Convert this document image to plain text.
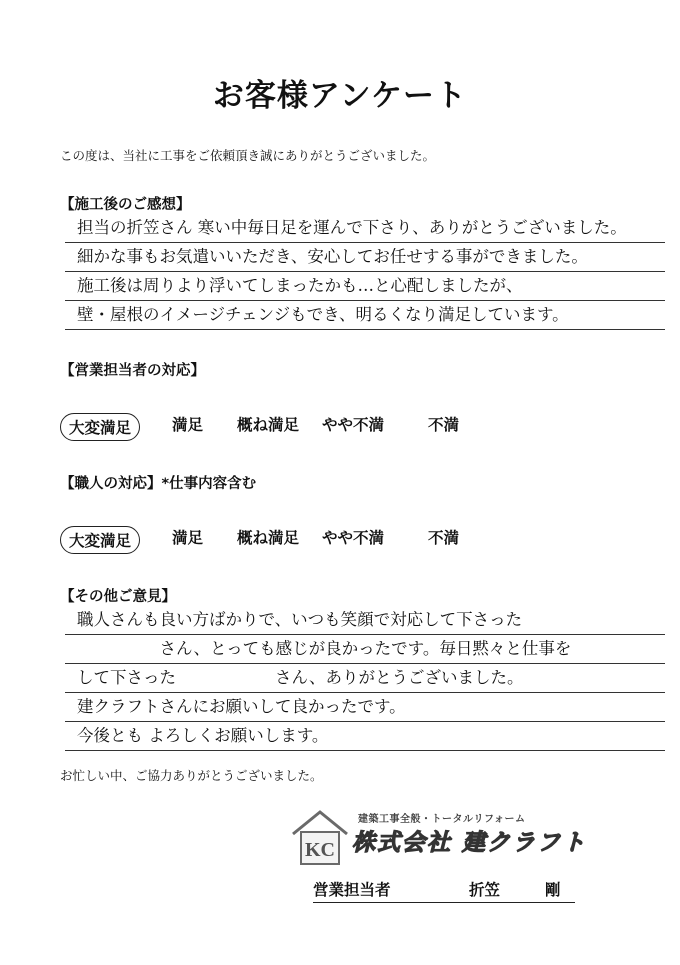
お客様アンケート
この度は、当社に工事をご依頼頂き誠にありがとうございました。
【施工後のご感想】
担当の折笠さん 寒い中毎日足を運んで下さり、ありがとうございました。
細かな事もお気遣いいただき、安心してお任せする事ができました。
施工後は周りより浮いてしまったかも…と心配しましたが、
壁・屋根のイメージチェンジもでき、明るくなり満足しています。
【営業担当者の対応】
大変満足	満足 概ね満足 やや不満	不満
【職人の対応】*仕事内容含む
大変満足	満足 概ね満足 やや不満	不満
【その他ご意見】
職人さんも良い方ばかりで、いつも笑顔で対応して下さった
　　　　　さん、とっても感じが良かったです。毎日黙々と仕事を
して下さった　　　　　　さん、ありがとうございました。
建クラフトさんにお願いして良かったです。
今後とも よろしくお願いします。
お忙しい中、ご協力ありがとうございました。
KC
建築工事全般・トータルリフォーム
株式会社 建クラフト
営業担当者	折笠	剛
